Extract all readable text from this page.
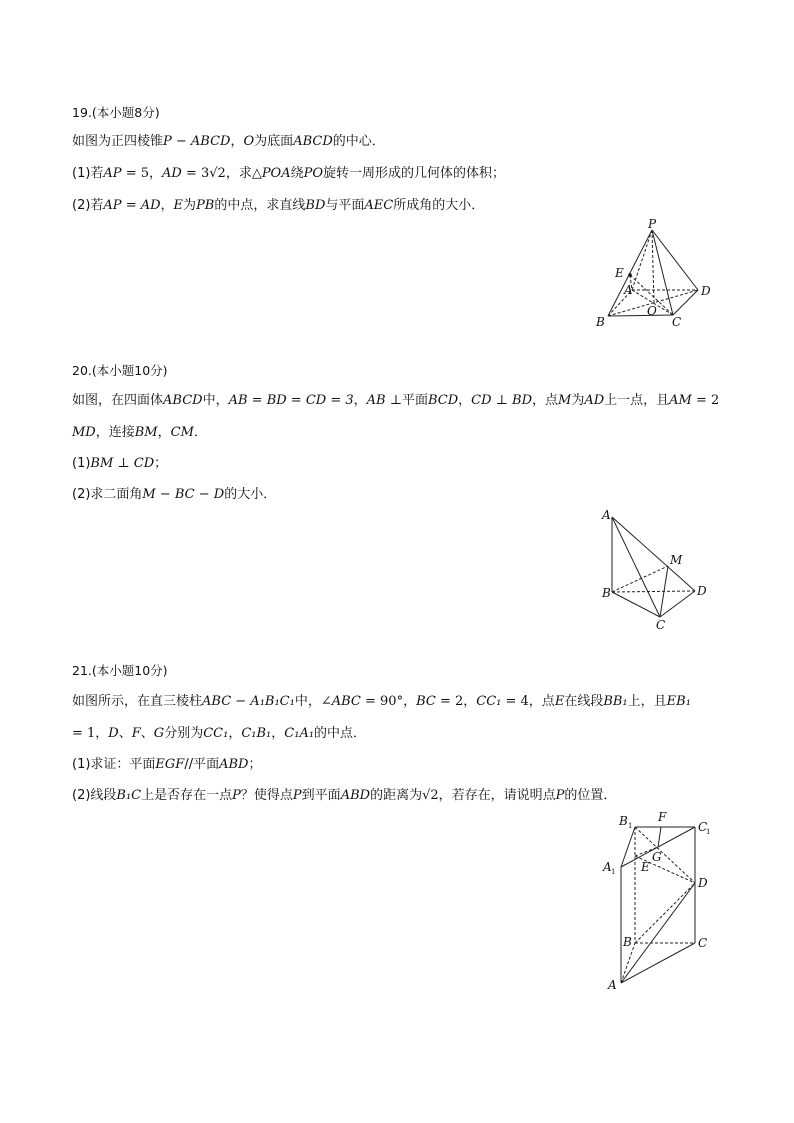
19.(本小题8分)
如图为正四棱锥P − ABCD，O为底面ABCD的中心．
(1)若AP = 5，AD = 3√2，求△POA绕PO旋转一周形成的几何体的体积；
(2)若AP = AD，E为PB的中点，求直线BD与平面AEC所成角的大小．
P
E
A	D
B
O
C
20.(本小题10分)
如图，在四面体ABCD中，AB = BD = CD = 3，AB ⊥平面BCD，CD ⊥ BD，点M为AD上一点，且AM = 2
MD，连接BM，CM．
(1)BM ⊥ CD；
(2)求二面角M − BC − D的大小．
A
M
B	D
C
21.(本小题10分)
如图所示，在直三棱柱ABC − A₁B₁C₁中，∠ABC = 90°，BC = 2，CC₁ = 4，点E在线段BB₁上，且EB₁
= 1，D、F、G分别为CC₁，C₁B₁，C₁A₁的中点．
(1)求证：平面EGF//平面ABD；
(2)线段B₁C上是否存在一点P？使得点P到平面ABD的距离为√2，若存在，请说明点P的位置．
B 1
F
C
1
A 1
G
E
D
B	C
A
